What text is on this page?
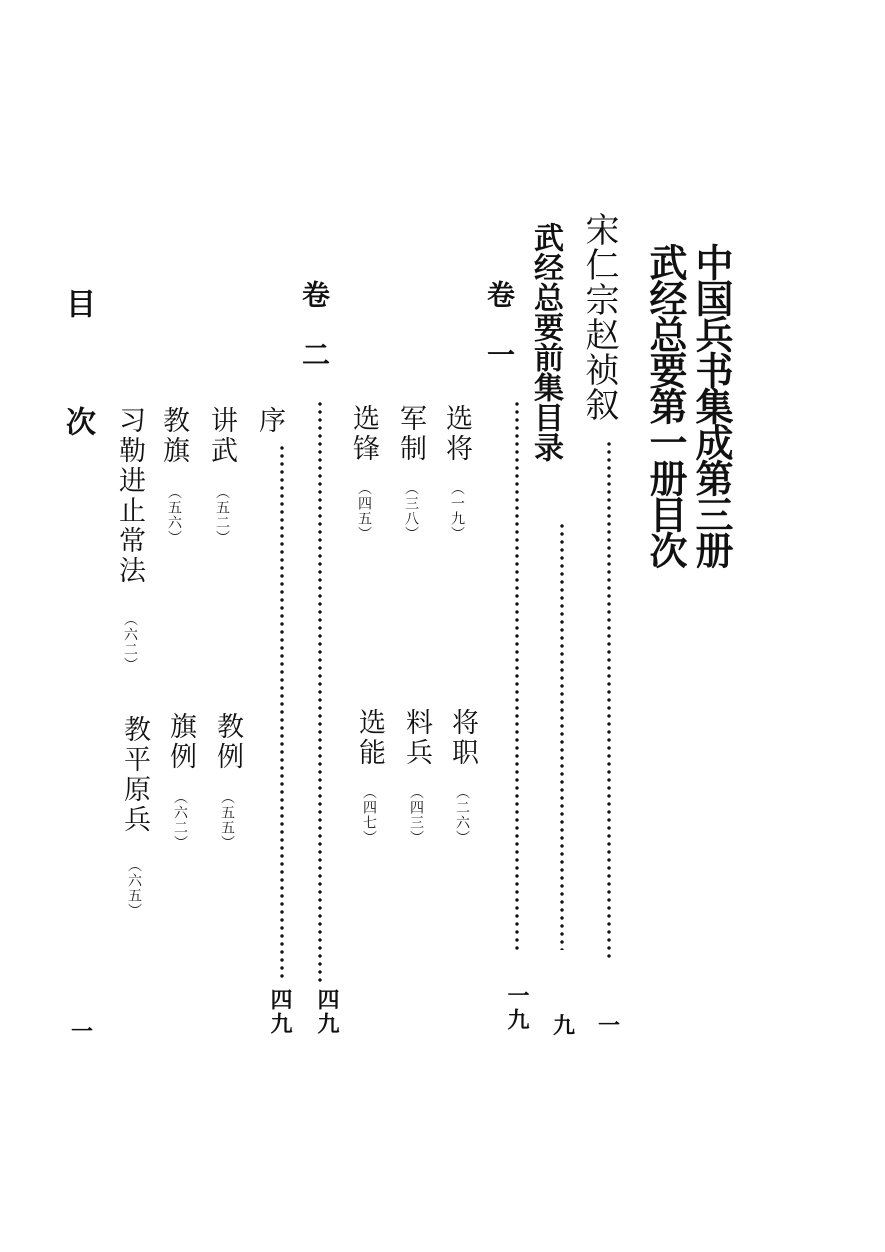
中国兵书集成第三册
武经总要第一册目次
宋仁宗赵祯叙
一
武经总要前集目录
九
卷一
一九
选将
（一九）
将职
（二六）
军制
（三八）
料兵
（四三）
选锋
（四五）
选能
（四七）
卷二
四九
序
四九
讲武
（五二）
教例
（五五）
教旗
（五六）
旗例
（六二）
习勒进止常法
（六二）
教平原兵
（六五）
目次
一
